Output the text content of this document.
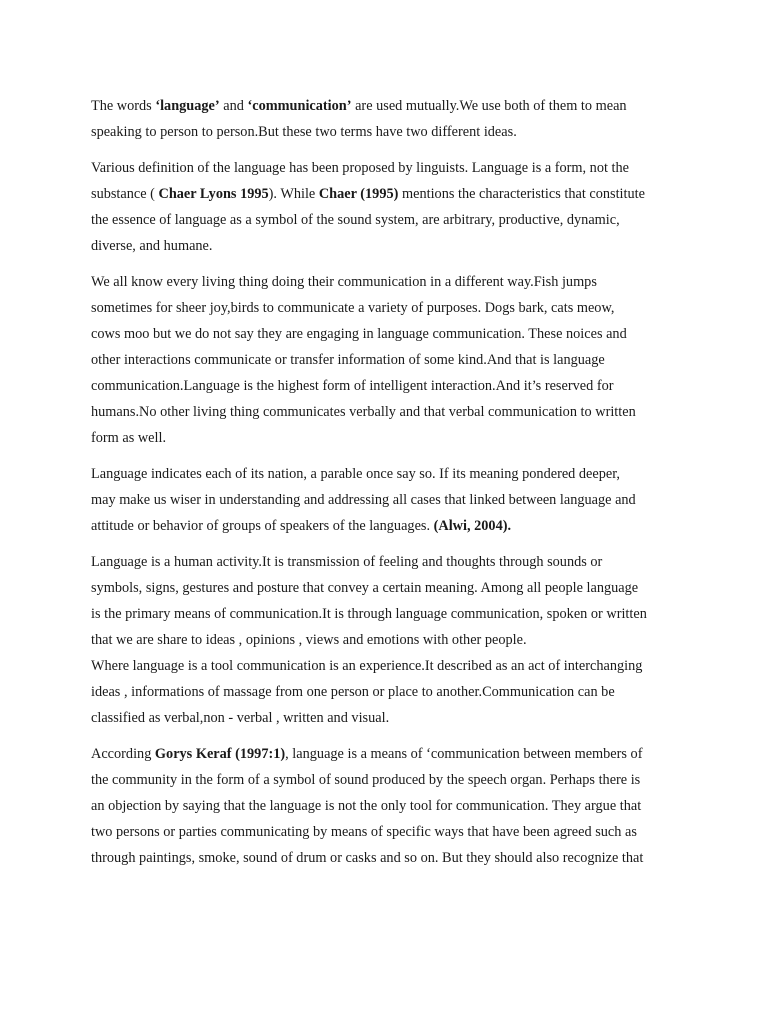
The words ‘language’ and ‘communication’ are used mutually.We use both of them to mean
speaking to person to person.But these two terms have two different ideas.
Various definition of the language has been proposed by linguists. Language is a form, not the
substance ( Chaer Lyons 1995). While Chaer (1995) mentions the characteristics that constitute
the essence of language as a symbol of the sound system, are arbitrary, productive, dynamic,
diverse, and humane.
We all know every living thing doing their communication in a different way.Fish jumps
sometimes for sheer joy,birds to communicate a variety of purposes. Dogs bark, cats meow,
cows moo but we do not say they are engaging in language communication. These noices and
other interactions communicate or transfer information of some kind.And that is language
communication.Language is the highest form of intelligent interaction.And it’s reserved for
humans.No other living thing communicates verbally and that verbal communication to written
form as well.
Language indicates each of its nation, a parable once say so. If its meaning pondered deeper,
may make us wiser in understanding and addressing all cases that linked between language and
attitude or behavior of groups of speakers of the languages. (Alwi, 2004).
Language is a human activity.It is transmission of feeling and thoughts through sounds or
symbols, signs, gestures and posture that convey a certain meaning. Among all people language
is the primary means of communication.It is through language communication, spoken or written
that we are share to ideas , opinions , views and emotions with other people.
Where language is a tool communication is an experience.It described as an act of interchanging
ideas , informations of massage from one person or place to another.Communication can be
classified as verbal,non - verbal , written and visual.
According Gorys Keraf (1997:1), language is a means of ‘communication between members of
the community in the form of a symbol of sound produced by the speech organ. Perhaps there is
an objection by saying that the language is not the only tool for communication. They argue that
two persons or parties communicating by means of specific ways that have been agreed such as
through paintings, smoke, sound of drum or casks and so on. But they should also recognize that
